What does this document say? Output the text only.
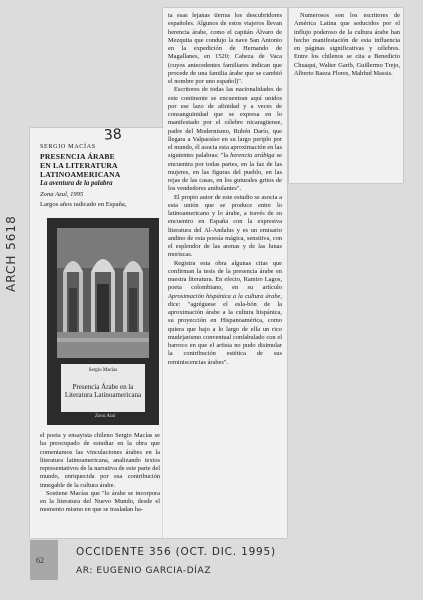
SERGIO MACÍAS
38
PRESENCIA ÁRABE
EN LA LITERATURA
LATINOAMERICANA
La aventura de la palabra
Zona Azul, 1995
Largos años radicado en España,
Sergio Macías
Presencia Árabe en la
Literatura Latinoamericana
Zona Azul

el poeta y ensayista chileno Sergio Macías se ha preocupado de estudiar en la obra que comentamos las vinculaciones árabes en la literatura latinoamericana, analizando textos representativos de la narrativa de este parte del mundo, enriquecida por esa contribución innegable de la cultura árabe.

Sostiene Macías que "lo árabe se incorpora en la literatura del Nuevo Mundo, desde el momento mismo en que se trasladan ha-

ta esas lejanas tierras los descubridores españoles. Algunos de estos viajeros llevan herencia árabe, como el capitán Álvaro de Mezquita que condujo la nave San Antonio en la expedición de Hernando de Magallanes, en 1520; Cabeza de Vaca (cuyos antecedentes familiares indican que procede de una familia árabe que se cambió el nombre por uno español)".

Escritores de todas las nacionalidades de este continente se encuentran aquí unidos por ese lazo de afinidad y a veces de consanguinidad que se expresa en lo manifestado por el célebre nicaragüense, padre del Modernismo, Rubén Darío, que llegara a Valparaíso en su largo periplo por el mundo, él asocia esta aproximación en las siguientes palabras: "la herencia arábiga se encuentra por todas partes, en la faz de las mujeres, en las figuras del pueblo, en las rejas de las casas, en los guturales gritos de los vendedores ambulantes".

El propio autor de este estudio se asocia a esta unión que se produce entre lo latinoamericano y lo árabe, a través de su encuentro en España con la expresiva literatura del Al-Andalus y es un emisario andino de esta poesía mágica, sensitiva, con el esplendor de las arenas y de las lunas moriscas.

Registra esta obra algunas citas que confirman la tesis de la presencia árabe en nuestra literatura. En efecto, Ramiro Lagos, poeta colombiano, en su artículo Aproximación hispánica a la cultura árabe, dice: "agréguese el esla-bón de la aproximación árabe a la cultura hispánica, su proyección en Hispanoamérica, como quiera que bajo a lo largo de ella un rico mudejarismo conventual confabulado con el barroco en que el artista no pudo disimular la contribución estética de sus reminiscencias árabes".

Numerosos son los escritores de América Latina que seducidos por el influjo poderoso de la cultura árabe han hecho manifestación de esta influencia en páginas significativas y célebres. Entre los chilenos se cita a Benedicto Chuaqui, Walter Garib, Guillermo Trejo, Alberto Baeza Flores, Mahfud Massis.

ARCH 5618
62
OCCIDENTE 356 (OCT. DIC. 1995)
AR: EUGENIO GARCIA-DÍAZ
